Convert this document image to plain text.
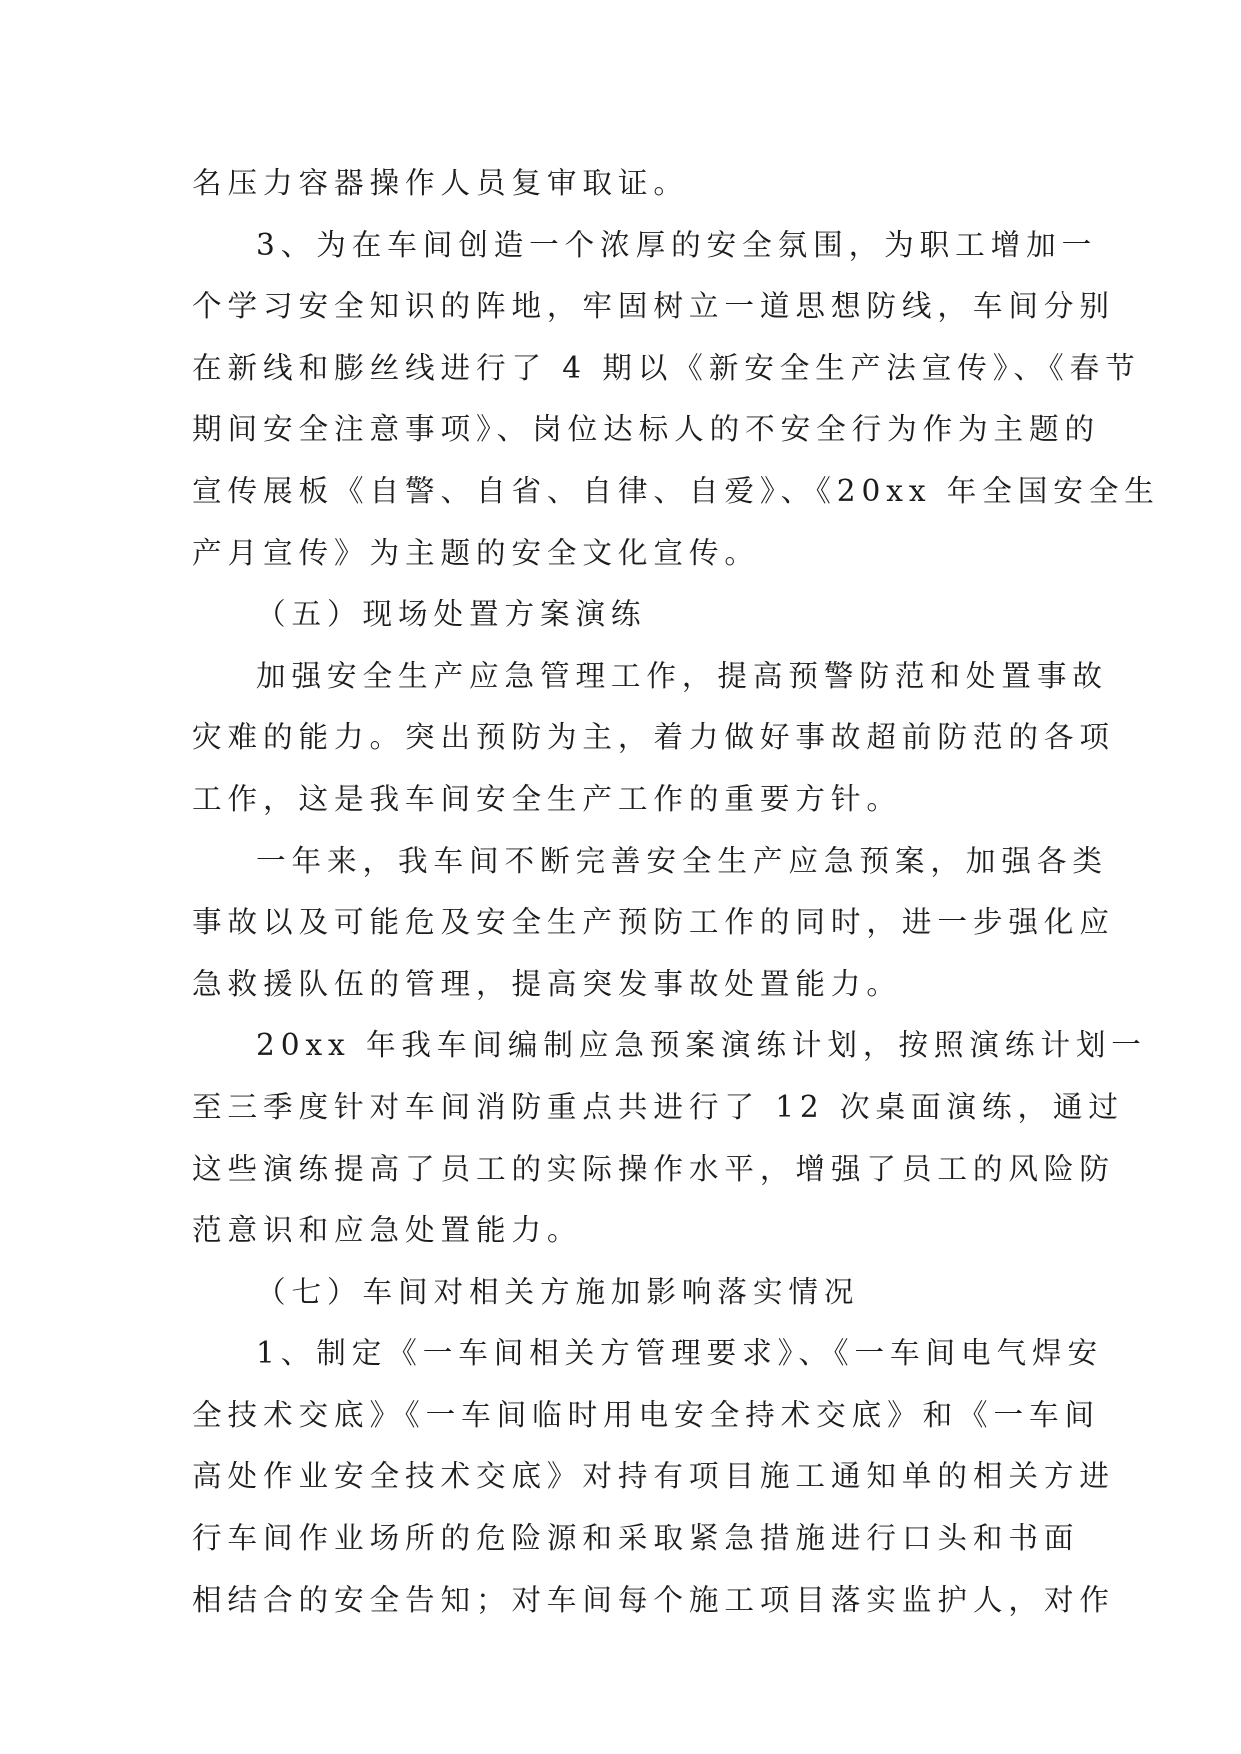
名压力容器操作人员复审取证。
3、为在车间创造一个浓厚的安全氛围，为职工增加一
个学习安全知识的阵地，牢固树立一道思想防线，车间分别
在新线和膨丝线进行了 4 期以《新安全生产法宣传》、《春节
期间安全注意事项》、岗位达标人的不安全行为作为主题的
宣传展板《自警、自省、自律、自爱》、《20xx 年全国安全生
产月宣传》为主题的安全文化宣传。
（五）现场处置方案演练
加强安全生产应急管理工作，提高预警防范和处置事故
灾难的能力。突出预防为主，着力做好事故超前防范的各项
工作，这是我车间安全生产工作的重要方针。
一年来，我车间不断完善安全生产应急预案，加强各类
事故以及可能危及安全生产预防工作的同时，进一步强化应
急救援队伍的管理，提高突发事故处置能力。
20xx 年我车间编制应急预案演练计划，按照演练计划一
至三季度针对车间消防重点共进行了 12 次桌面演练，通过
这些演练提高了员工的实际操作水平，增强了员工的风险防
范意识和应急处置能力。
（七）车间对相关方施加影响落实情况
1、制定《一车间相关方管理要求》、《一车间电气焊安
全技术交底》《一车间临时用电安全持术交底》和《一车间
高处作业安全技术交底》对持有项目施工通知单的相关方进
行车间作业场所的危险源和采取紧急措施进行口头和书面
相结合的安全告知；对车间每个施工项目落实监护人，对作
